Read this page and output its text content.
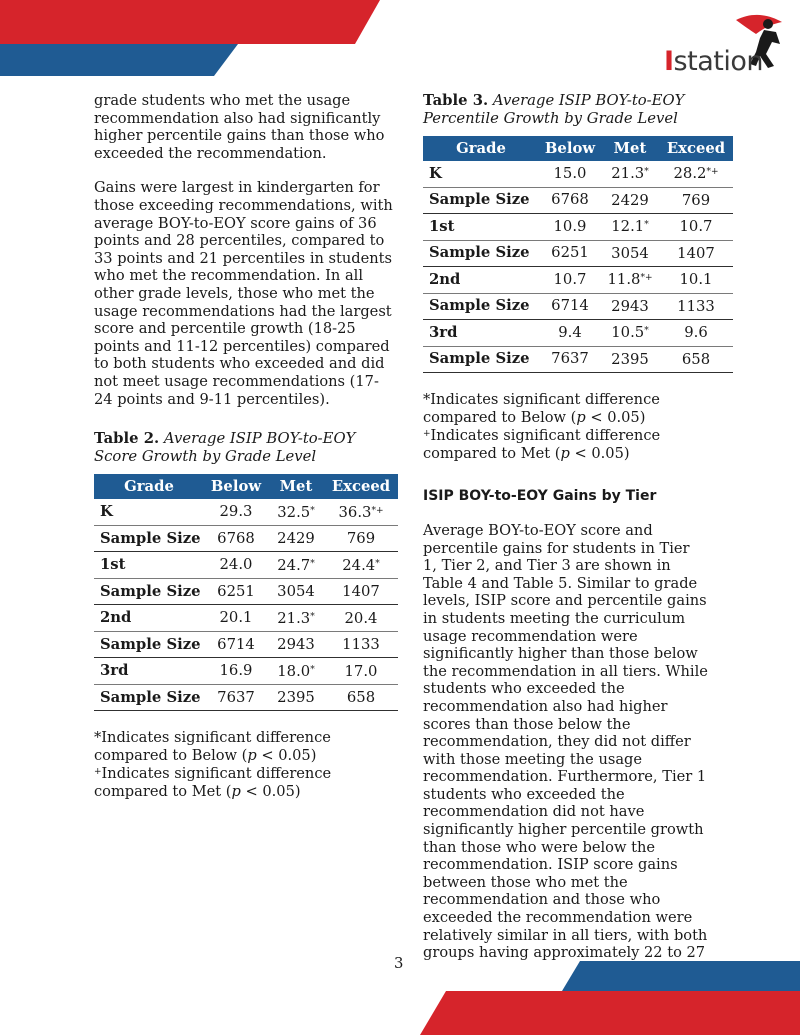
Istation

grade students who met the usage recommendation also had significantly higher percentile gains than those who exceeded the recommendation.

Gains were largest in kindergarten for those exceeding recommendations, with average BOY-to-EOY score gains of 36 points and 28 percentiles, compared to 33 points and 21 percentiles in students who met the recommendation. In all other grade levels, those who met the usage recommendations had the largest score and percentile growth (18-25 points and 11-12 percentiles) compared to both students who exceeded and did not meet usage recommendations (17-24 points and 9-11 percentiles).

Table 2. Average ISIP BOY-to-EOY Score Growth by Grade Level
Grade	Below	Met	Exceed
K	29.3	32.5*	36.3*+
Sample Size	6768	2429	769
1st	24.0	24.7*	24.4*
Sample Size	6251	3054	1407
2nd	20.1	21.3*	20.4
Sample Size	6714	2943	1133
3rd	16.9	18.0*	17.0
Sample Size	7637	2395	658

*Indicates significant difference compared to Below (p < 0.05)

+Indicates significant difference compared to Met (p < 0.05)

Table 3. Average ISIP BOY-to-EOY Percentile Growth by Grade Level
Grade	Below	Met	Exceed
K	15.0	21.3*	28.2*+
Sample Size	6768	2429	769
1st	10.9	12.1*	10.7
Sample Size	6251	3054	1407
2nd	10.7	11.8*+	10.1
Sample Size	6714	2943	1133
3rd	9.4	10.5*	9.6
Sample Size	7637	2395	658

*Indicates significant difference compared to Below (p < 0.05)

+Indicates significant difference compared to Met (p < 0.05)

ISIP BOY-to-EOY Gains by Tier

Average BOY-to-EOY score and percentile gains for students in Tier 1, Tier 2, and Tier 3 are shown in Table 4 and Table 5. Similar to grade levels, ISIP score and percentile gains in students meeting the curriculum usage recommendation were significantly higher than those below the recommendation in all tiers. While students who exceeded the recommendation also had higher scores than those below the recommendation, they did not differ with those meeting the usage recommendation. Furthermore, Tier 1 students who exceeded the recommendation did not have significantly higher percentile growth than those who were below the recommendation. ISIP score gains between those who met the recommendation and those who exceeded the recommendation were relatively similar in all tiers, with both groups having approximately 22 to 27

3
